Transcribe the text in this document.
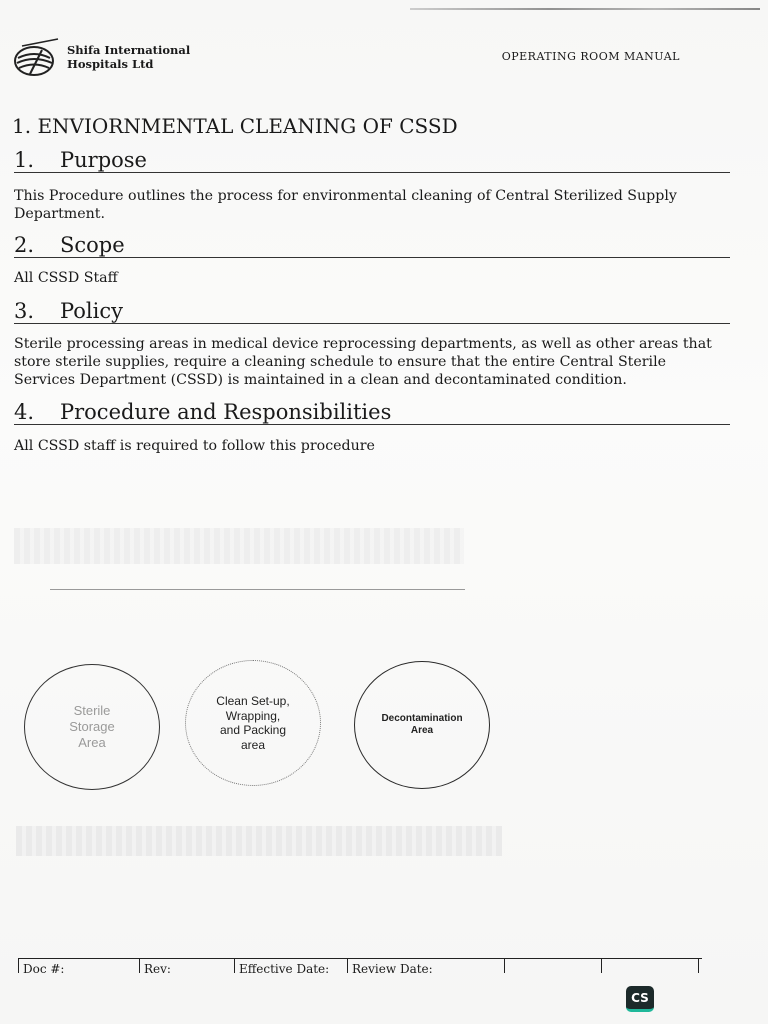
Shifa International
Hospitals Ltd
OPERATING ROOM MANUAL
1. ENVIORNMENTAL CLEANING OF CSSD
1. Purpose
This Procedure outlines the process for environmental cleaning of Central Sterilized Supply Department.
2. Scope
All CSSD Staff
3. Policy
Sterile processing areas in medical device reprocessing departments, as well as other areas that store sterile supplies, require a cleaning schedule to ensure that the entire Central Sterile Services Department (CSSD) is maintained in a clean and decontaminated condition.
4. Procedure and Responsibilities
All CSSD staff is required to follow this procedure
Sterile
Storage
Area
Clean Set-up,
Wrapping,
and Packing
area
Decontamination
Area
Doc #:	Rev:	Effective Date:	Review Date:
CS
